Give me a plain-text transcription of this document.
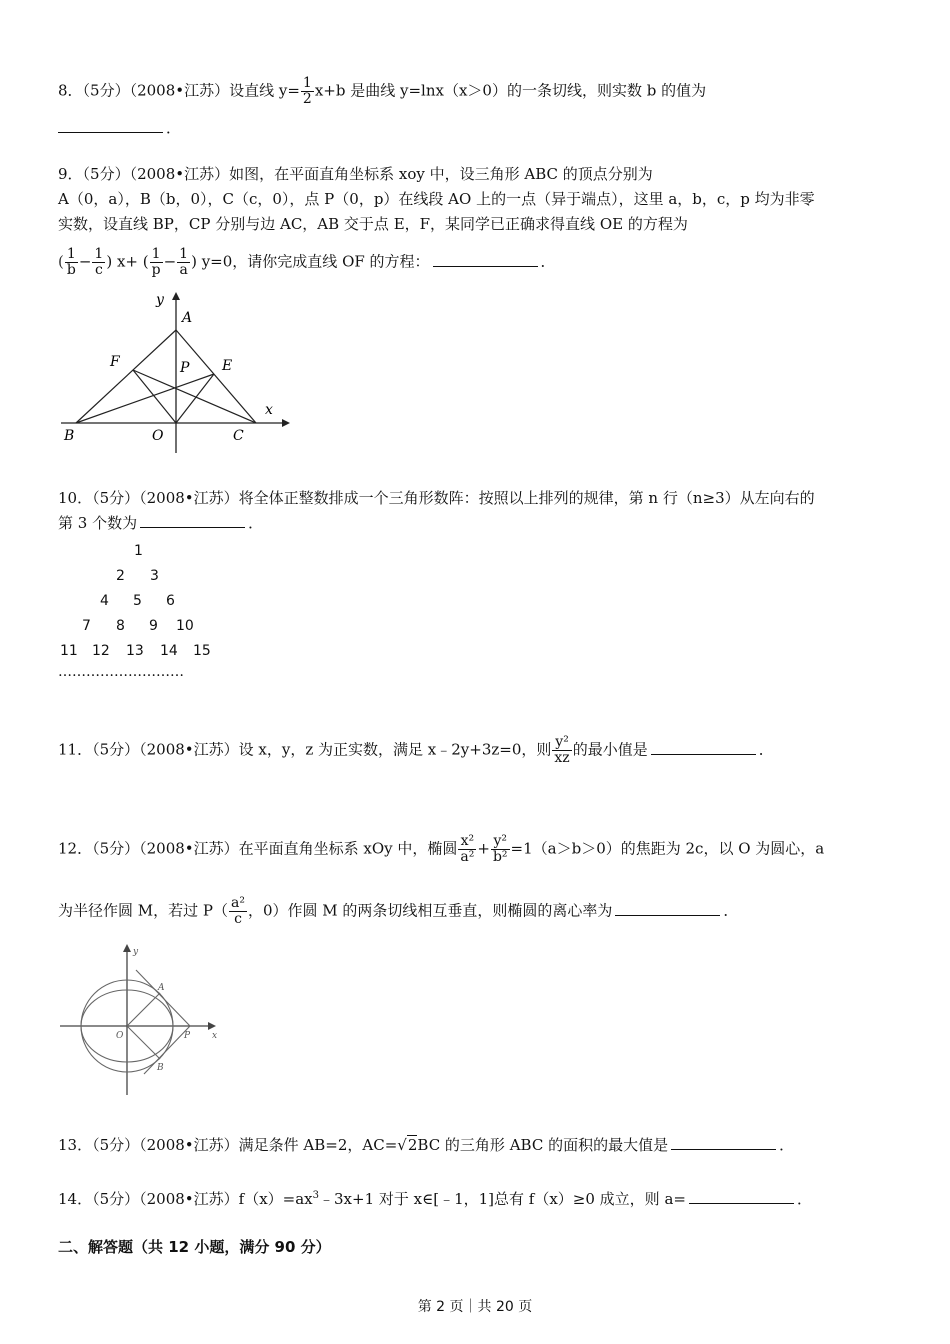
8．（5分）（2008•江苏）设直线 $y= \frac{1}{2} x+b$ 是曲线 y=lnx（x＞0）的一条切线，则实数 b 的值为
．
9．（5分）（2008•江苏）如图，在平面直角坐标系 xoy 中，设三角形 ABC 的顶点分别为
A（0，a），B（b，0），C（c，0），点 P（0，p）在线段 AO 上的一点（异于端点），这里 a，b，c，p 均为非零
实数，设直线 BP，CP 分别与边 AC，AB 交于点 E，F，某同学已正确求得直线 OE 的方程为
( $\frac{1}{b} - \frac{1}{c}$ ) x+ ( $\frac{1}{p} - \frac{1}{a}$ ) y=0，请你完成直线 OF 的方程：	．
y
A
F	P E
x
B	O	C
10．（5分）（2008•江苏）将全体正整数排成一个三角形数阵：按照以上排列的规律，第 n 行（n≥3）从左向右的
第 3 个数为	．
1
2 3
4 5 6
7 8 9 10
11 12 13 14 15
………………………
11．（5分）（2008•江苏）设 x，y，z 为正实数，满足 x﹣2y+3z=0，则 $\frac{\text{y²}}{xz}$ 的最小值是	．
12．（5分）（2008•江苏）在平面直角坐标系 xOy 中，椭圆 $\frac{\text{x²}}{\text{a²}} + \frac{\text{y²}}{\text{b²}} =1(a>b>0)$的焦距为 2c，以 O 为圆心，a
为半径作圆 M，若过 $P( \frac{\text{a²}}{c}$ ，0）作圆 M 的两条切线相互垂直，则椭圆的离心率为	．
y
A
O	P x
B
13．（5分）（2008•江苏）满足条件 AB=2，AC=√2BC 的三角形 ABC 的面积的最大值是	．
14．（5分）（2008•江苏）$f(x)=ax^3﹣3x+1$ 对于 x∈[﹣1，1]总有 f（x）≥0 成立，则 a=	．
二、解答题（共 12 小题，满分 90 分）
第 2 页｜共 20 页
